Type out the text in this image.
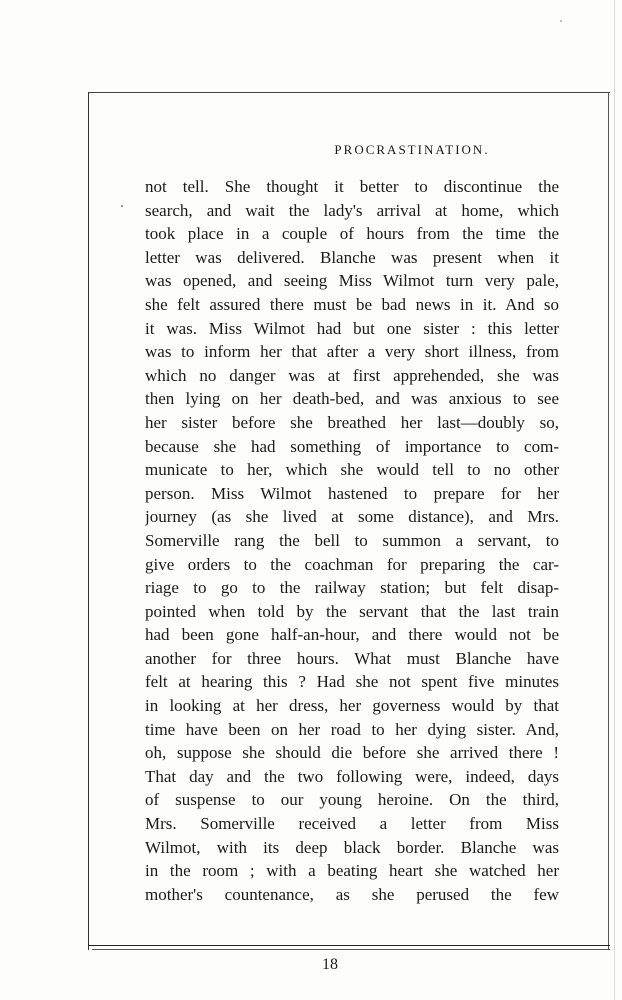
PROCRASTINATION.
not tell. She thought it better to discontinue the
search, and wait the lady's arrival at home, which
took place in a couple of hours from the time the
letter was delivered. Blanche was present when it
was opened, and seeing Miss Wilmot turn very pale,
she felt assured there must be bad news in it. And so
it was. Miss Wilmot had but one sister : this letter
was to inform her that after a very short illness, from
which no danger was at first apprehended, she was
then lying on her death-bed, and was anxious to see
her sister before she breathed her last—doubly so,
because she had something of importance to com-
municate to her, which she would tell to no other
person. Miss Wilmot hastened to prepare for her
journey (as she lived at some distance), and Mrs.
Somerville rang the bell to summon a servant, to
give orders to the coachman for preparing the car-
riage to go to the railway station; but felt disap-
pointed when told by the servant that the last train
had been gone half-an-hour, and there would not be
another for three hours. What must Blanche have
felt at hearing this ? Had she not spent five minutes
in looking at her dress, her governess would by that
time have been on her road to her dying sister. And,
oh, suppose she should die before she arrived there !
That day and the two following were, indeed, days
of suspense to our young heroine. On the third,
Mrs. Somerville received a letter from Miss
Wilmot, with its deep black border. Blanche was
in the room ; with a beating heart she watched her
mother's countenance, as she perused the few
18
